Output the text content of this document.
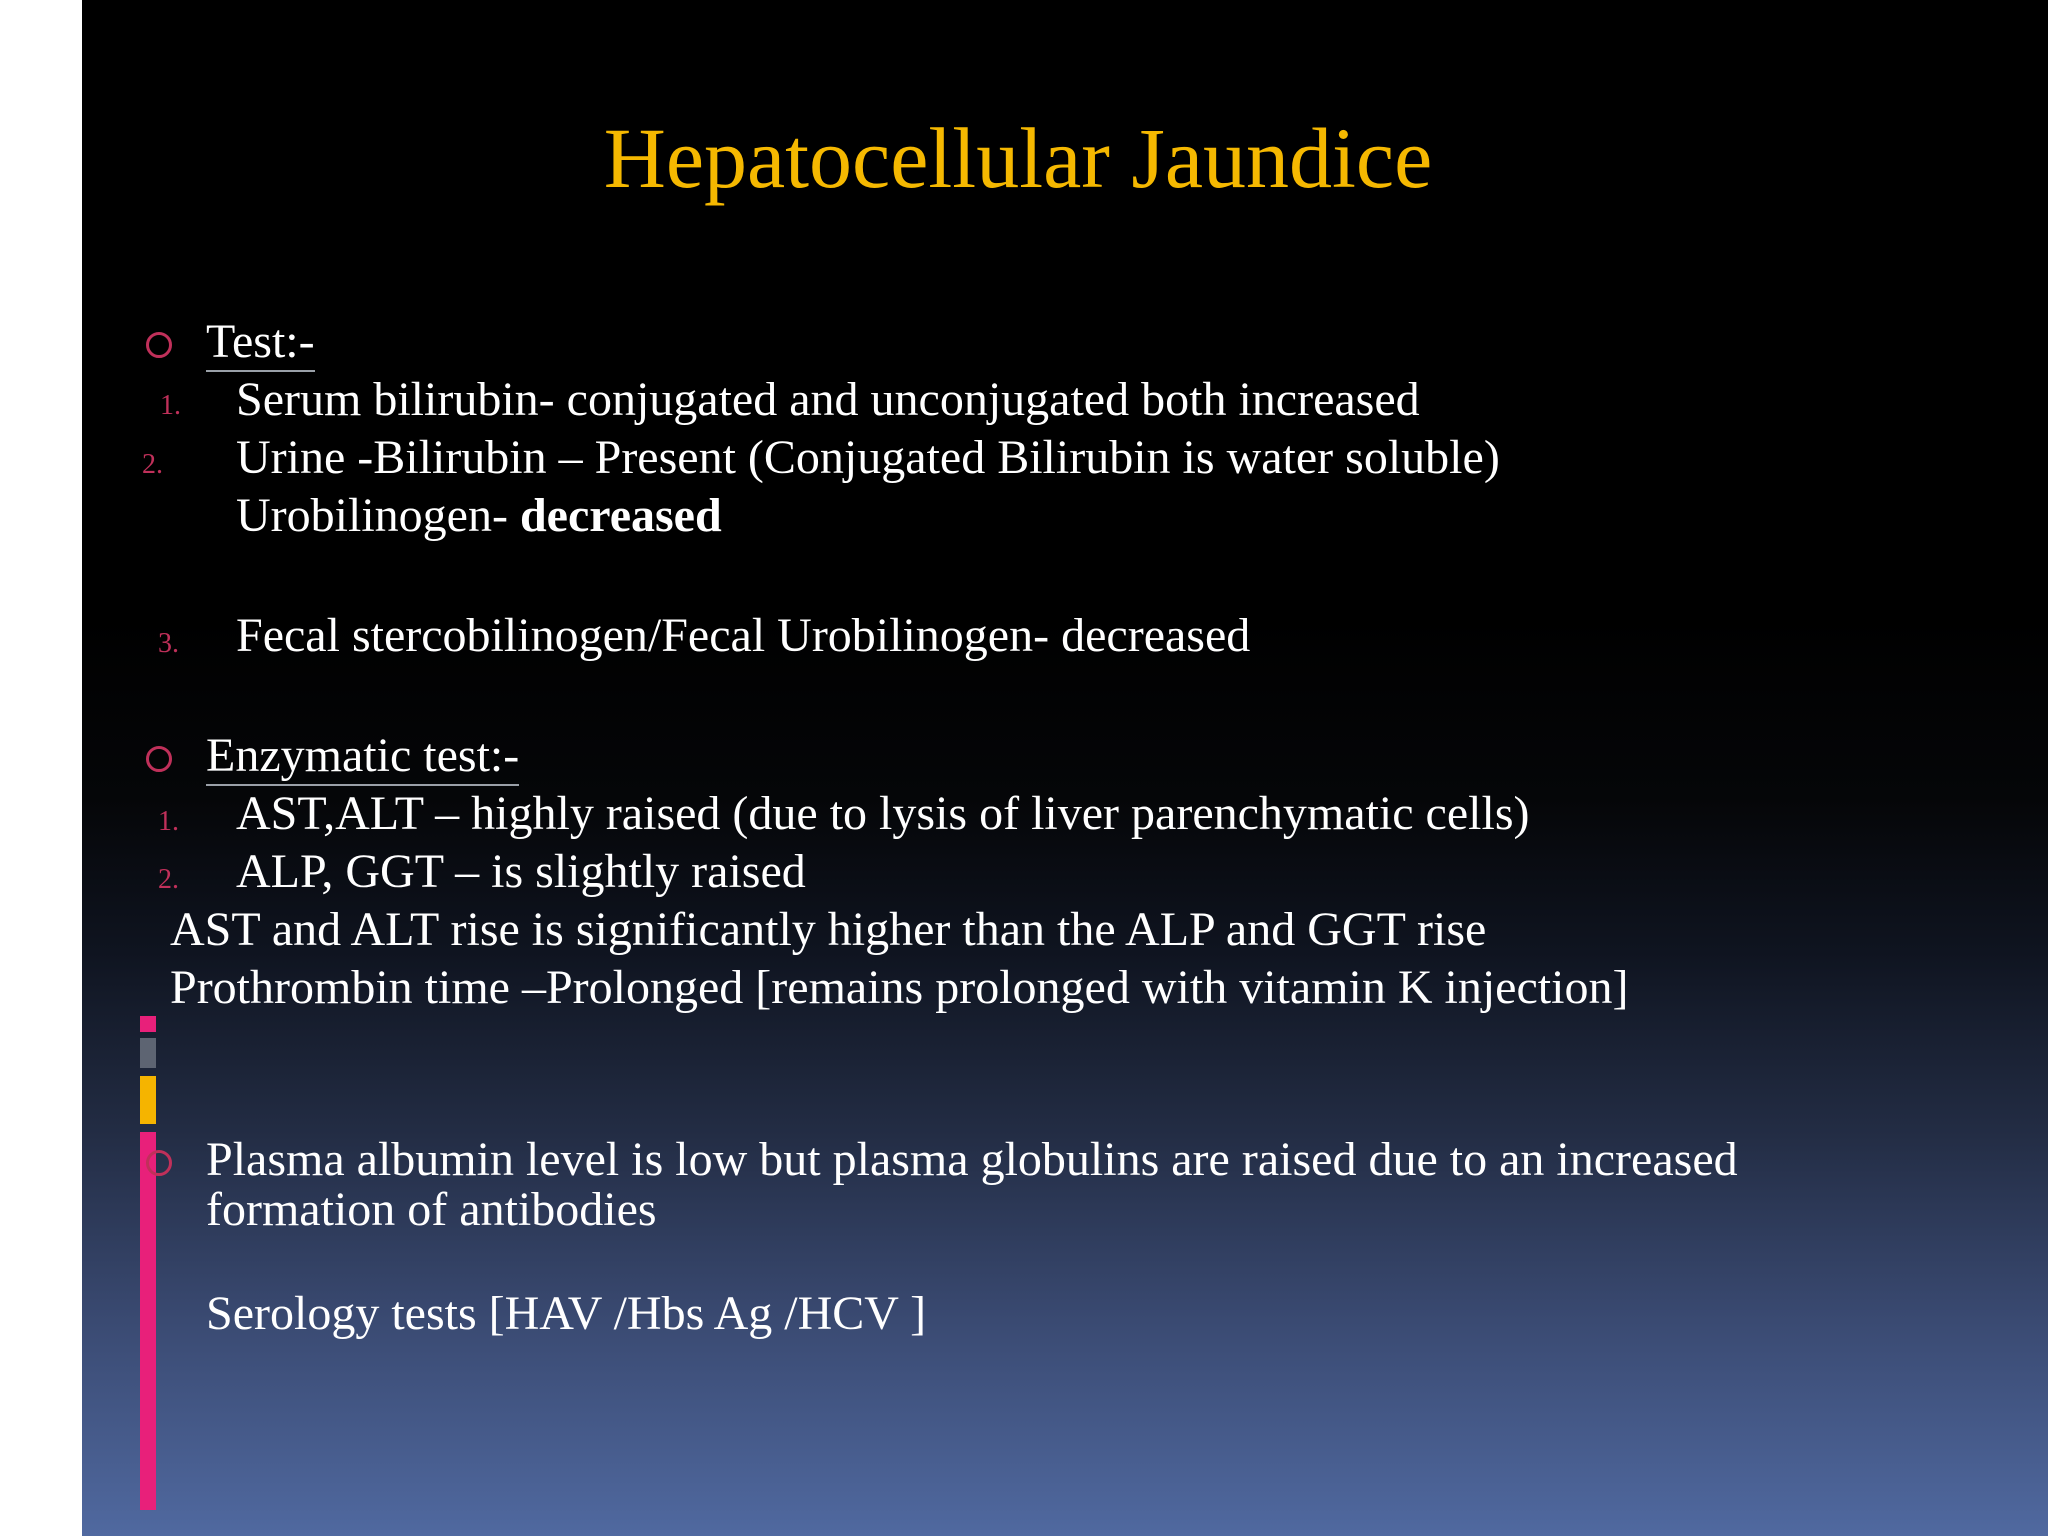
Hepatocellular Jaundice
Test:-
1. Serum bilirubin- conjugated and unconjugated both increased
2. Urine -Bilirubin – Present (Conjugated Bilirubin is water soluble)
Urobilinogen- decreased
3. Fecal stercobilinogen/Fecal Urobilinogen- decreased
Enzymatic test:-
1. AST,ALT – highly raised (due to lysis of liver parenchymatic cells)
2. ALP, GGT – is slightly raised
AST and ALT rise is significantly higher than the ALP and GGT rise
Prothrombin time –Prolonged [remains prolonged with vitamin K injection]
Plasma albumin level is low but plasma globulins are raised due to an increased
formation of antibodies
Serology tests [HAV /Hbs Ag /HCV ]
